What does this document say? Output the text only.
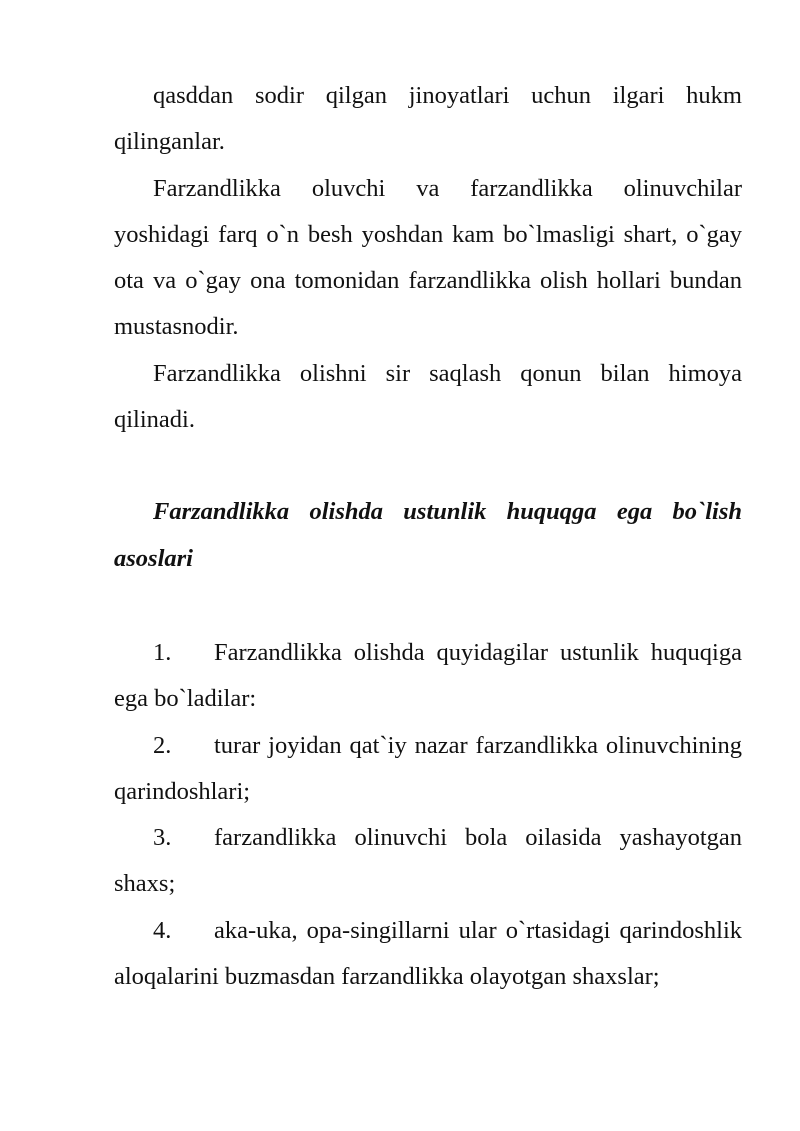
qasddan sodir qilgan jinoyatlari uchun ilgari hukm qilinganlar.

Farzandlikka oluvchi va farzandlikka olinuvchilar yoshidagi farq o`n besh yoshdan kam bo`lmasligi shart, o`gay ota va o`gay ona tomonidan farzandlikka olish hollari bundan mustasnodir.

Farzandlikka olishni sir saqlash qonun bilan himoya qilinadi.

Farzandlikka olishda ustunlik huquqga ega bo`lish asoslari

1. Farzandlikka olishda quyidagilar ustunlik huquqiga ega bo`ladilar:

2. turar joyidan qat`iy nazar farzandlikka olinuvchining qarindoshlari;

3. farzandlikka olinuvchi bola oilasida yashayotgan shaxs;

4. aka-uka, opa-singillarni ular o`rtasidagi qarindoshlik aloqalarini buzmasdan farzandlikka olayotgan shaxslar;
